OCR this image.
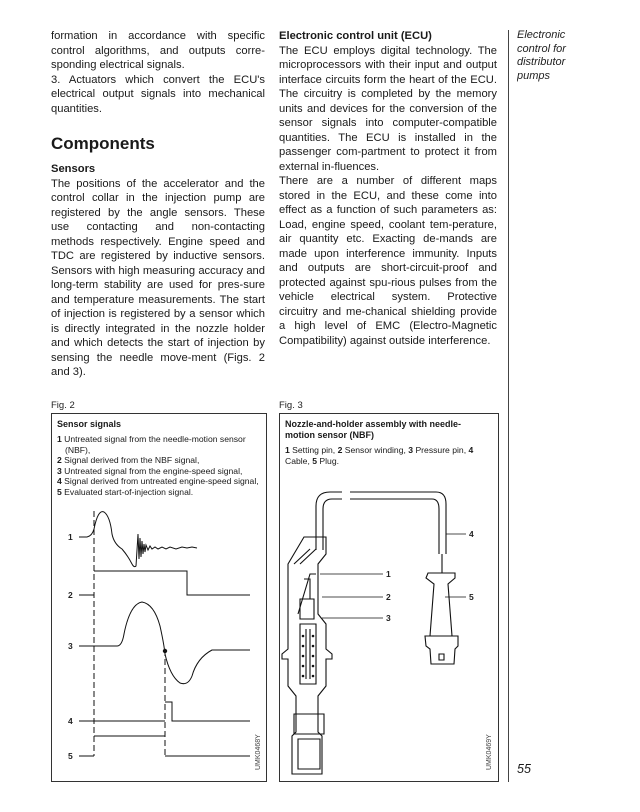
formation in accordance with specific control algorithms, and outputs corre-sponding electrical signals.

3. Actuators which convert the ECU's electrical output signals into mechanical quantities.

Components
Sensors

The positions of the accelerator and the control collar in the injection pump are registered by the angle sensors. These use contacting and non-contacting methods respectively. Engine speed and TDC are registered by inductive sensors. Sensors with high measuring accuracy and long-term stability are used for pres-sure and temperature measurements. The start of injection is registered by a sensor which is directly integrated in the nozzle holder and which detects the start of injection by sensing the needle move-ment (Figs. 2 and 3).

Electronic control unit (ECU)

The ECU employs digital technology. The microprocessors with their input and output interface circuits form the heart of the ECU. The circuitry is completed by the memory units and devices for the conversion of the sensor signals into computer-compatible quantities. The ECU is installed in the passenger com-partment to protect it from external in-fluences.

There are a number of different maps stored in the ECU, and these come into effect as a function of such parameters as: Load, engine speed, coolant tem-perature, air quantity etc. Exacting de-mands are made upon interference immunity. Inputs and outputs are short-circuit-proof and protected against spu-rious pulses from the vehicle electrical system. Protective circuitry and me-chanical shielding provide a high level of EMC (Electro-Magnetic Compatibility) against outside interference.

Electronic
control for
distributor
pumps
55
Fig. 2
Sensor signals
1 Untreated signal from the needle-motion sensor (NBF),
2 Signal derived from the NBF signal,
3 Untreated signal from the engine-speed signal,
4 Signal derived from untreated engine-speed signal,
5 Evaluated start-of-injection signal.
1
2
3
4
5	UMK0468Y
Fig. 3
Nozzle-and-holder assembly with needle-motion sensor (NBF)
1 Setting pin, 2 Sensor winding, 3 Pressure pin, 4 Cable, 5 Plug.
1
2
3
4
5
UMK0469Y
